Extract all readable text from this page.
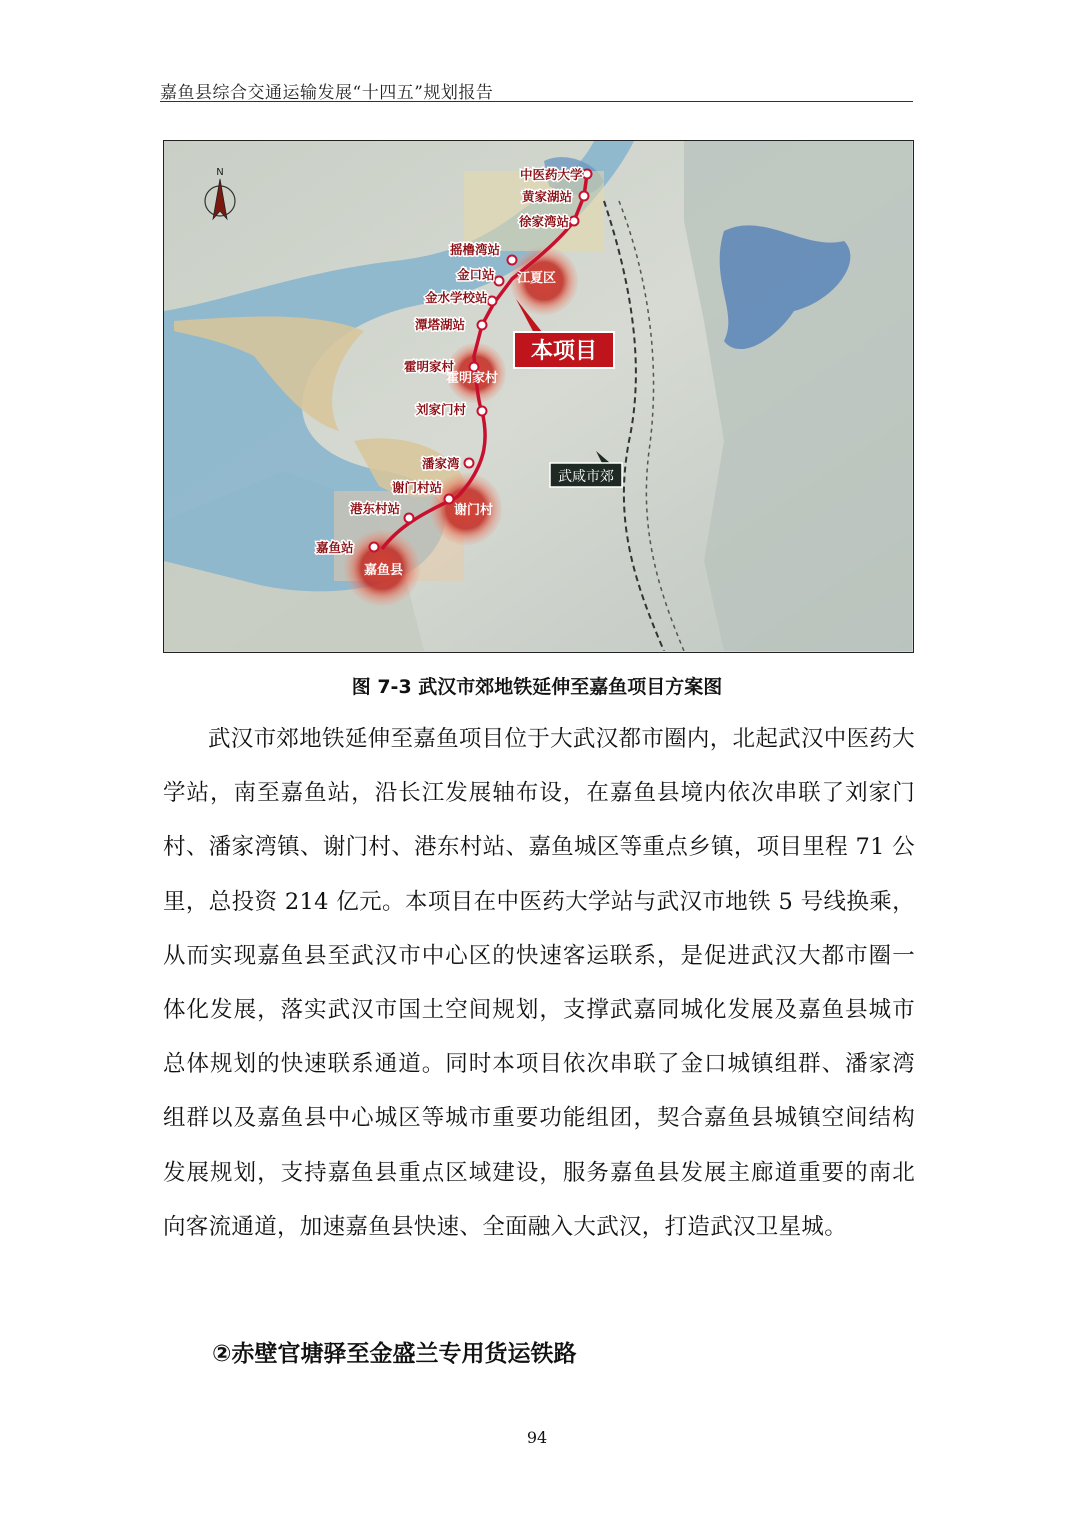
嘉鱼县综合交通运输发展“十四五”规划报告
N	中医药大学
黄家湖站
徐家湾站
摇橹湾站
金口站
金水学校站
潭塔湖站
霍明家村
刘家门村
潘家湾
谢门村站
港东村站
嘉鱼站
江夏区
霍明家村
谢门村
嘉鱼县
本项目
武咸市郊
图 7-3 武汉市郊地铁延伸至嘉鱼项目方案图

武汉市郊地铁延伸至嘉鱼项目位于大武汉都市圈内，北起武汉中医药大学站，南至嘉鱼站，沿长江发展轴布设，在嘉鱼县境内依次串联了刘家门村、潘家湾镇、谢门村、港东村站、嘉鱼城区等重点乡镇，项目里程 71 公里，总投资 214 亿元。本项目在中医药大学站与武汉市地铁 5 号线换乘，从而实现嘉鱼县至武汉市中心区的快速客运联系，是促进武汉大都市圈一体化发展，落实武汉市国土空间规划，支撑武嘉同城化发展及嘉鱼县城市总体规划的快速联系通道。同时本项目依次串联了金口城镇组群、潘家湾组群以及嘉鱼县中心城区等城市重要功能组团，契合嘉鱼县城镇空间结构发展规划，支持嘉鱼县重点区域建设，服务嘉鱼县发展主廊道重要的南北向客流通道，加速嘉鱼县快速、全面融入大武汉，打造武汉卫星城。

②赤壁官塘驿至金盛兰专用货运铁路
94
